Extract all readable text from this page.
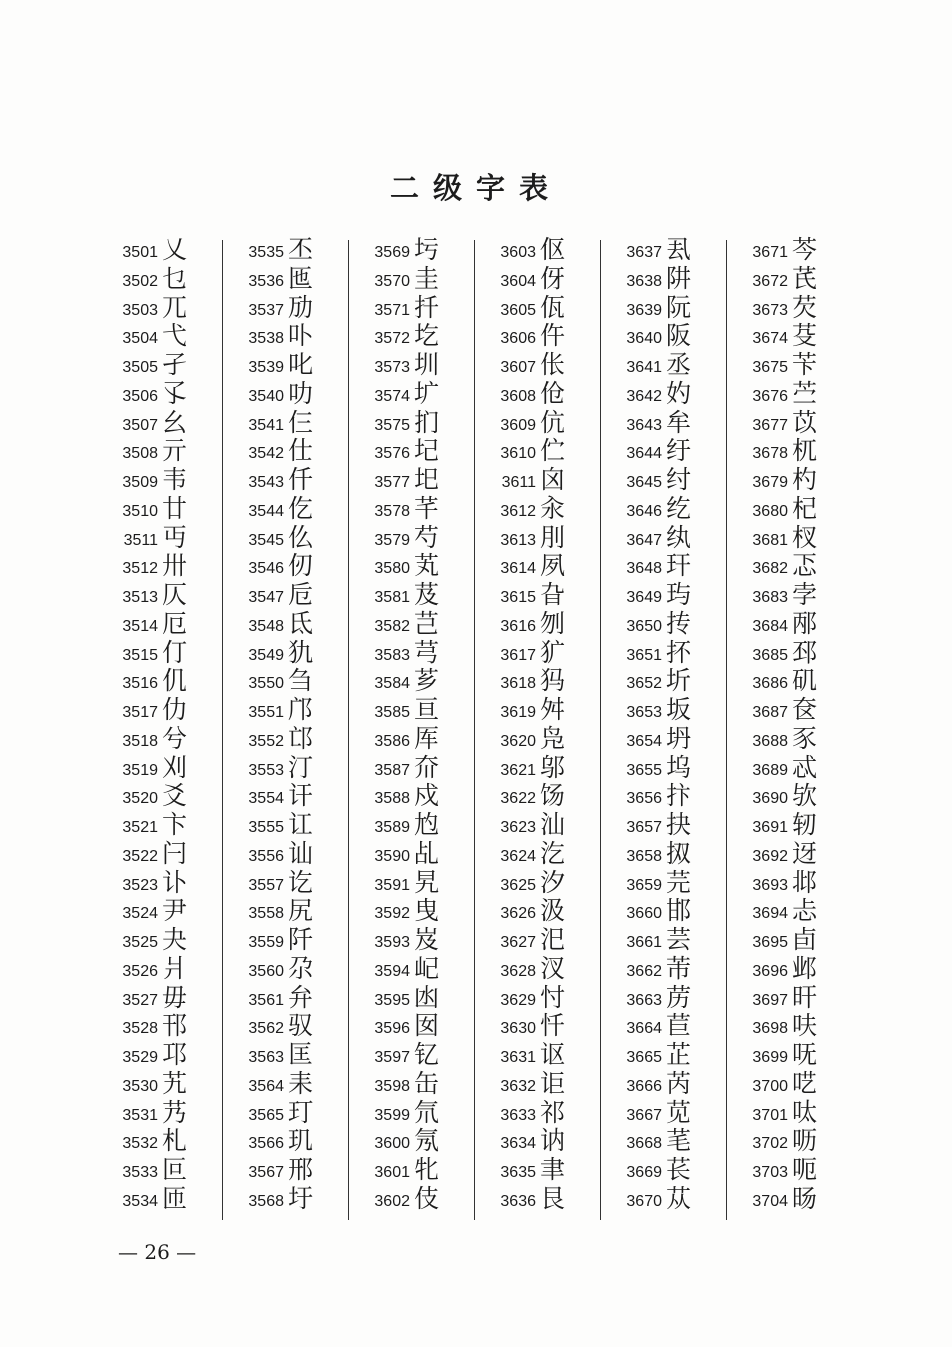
二级字表
3501 乂
3502 乜
3503 兀
3504 弋
3505 孑
3506 孓
3507 幺
3508 亓
3509 韦
3510 廿
3511 丏
3512 卅
3513 仄
3514 厄
3515 仃
3516 仉
3517 仂
3518 兮
3519 刈
3520 爻
3521 卞
3522 闩
3523 讣
3524 尹
3525 夬
3526 爿
3527 毋
3528 邗
3529 邛
3530 艽
3531 艿
3532 札
3533 叵
3534 匝
3535 丕
3536 匜
3537 劢
3538 卟
3539 叱
3540 叻
3541 仨
3542 仕
3543 仟
3544 仡
3545 仫
3546 仞
3547 卮
3548 氐
3549 犰
3550 刍
3551 邝
3552 邙
3553 汀
3554 讦
3555 讧
3556 讪
3557 讫
3558 尻
3559 阡
3560 尕
3561 弁
3562 驭
3563 匡
3564 耒
3565 玎
3566 玑
3567 邢
3568 圩
3569 圬
3570 圭
3571 扦
3572 圪
3573 圳
3574 圹
3575 扪
3576 圮
3577 圯
3578 芊
3579 芍
3580 芄
3581 芨
3582 芑
3583 芎
3584 芗
3585 亘
3586 厍
3587 夼
3588 戍
3589 尥
3590 乩
3591 旯
3592 曳
3593 岌
3594 屺
3595 凼
3596 囡
3597 钇
3598 缶
3599 氘
3600 氖
3601 牝
3602 伎
3603 伛
3604 伢
3605 佤
3606 仵
3607 伥
3608 伧
3609 伉
3610 伫
3611 囟
3612 汆
3613 刖
3614 夙
3615 旮
3616 刎
3617 犷
3618 犸
3619 舛
3620 凫
3621 邬
3622 饧
3623 汕
3624 汔
3625 汐
3626 汲
3627 汜
3628 汊
3629 忖
3630 忏
3631 讴
3632 讵
3633 祁
3634 讷
3635 聿
3636 艮
3637 厾
3638 阱
3639 阮
3640 阪
3641 丞
3642 妁
3643 牟
3644 纡
3645 纣
3646 纥
3647 纨
3648 玕
3649 玙
3650 抟
3651 抔
3652 圻
3653 坂
3654 坍
3655 坞
3656 抃
3657 抉
3658 㧐
3659 芫
3660 邯
3661 芸
3662 芾
3663 苈
3664 苣
3665 芷
3666 芮
3667 苋
3668 芼
3669 苌
3670 苁
3671 芩
3672 芪
3673 芡
3674 芟
3675 苄
3676 苎
3677 苡
3678 杌
3679 杓
3680 杞
3681 杈
3682 忑
3683 孛
3684 邴
3685 邳
3686 矶
3687 奁
3688 豕
3689 忒
3690 欤
3691 轫
3692 迓
3693 邶
3694 忐
3695 卣
3696 邺
3697 旰
3698 呋
3699 呒
3700 呓
3701 呔
3702 呖
3703 呃
3704 旸
— 26 —
